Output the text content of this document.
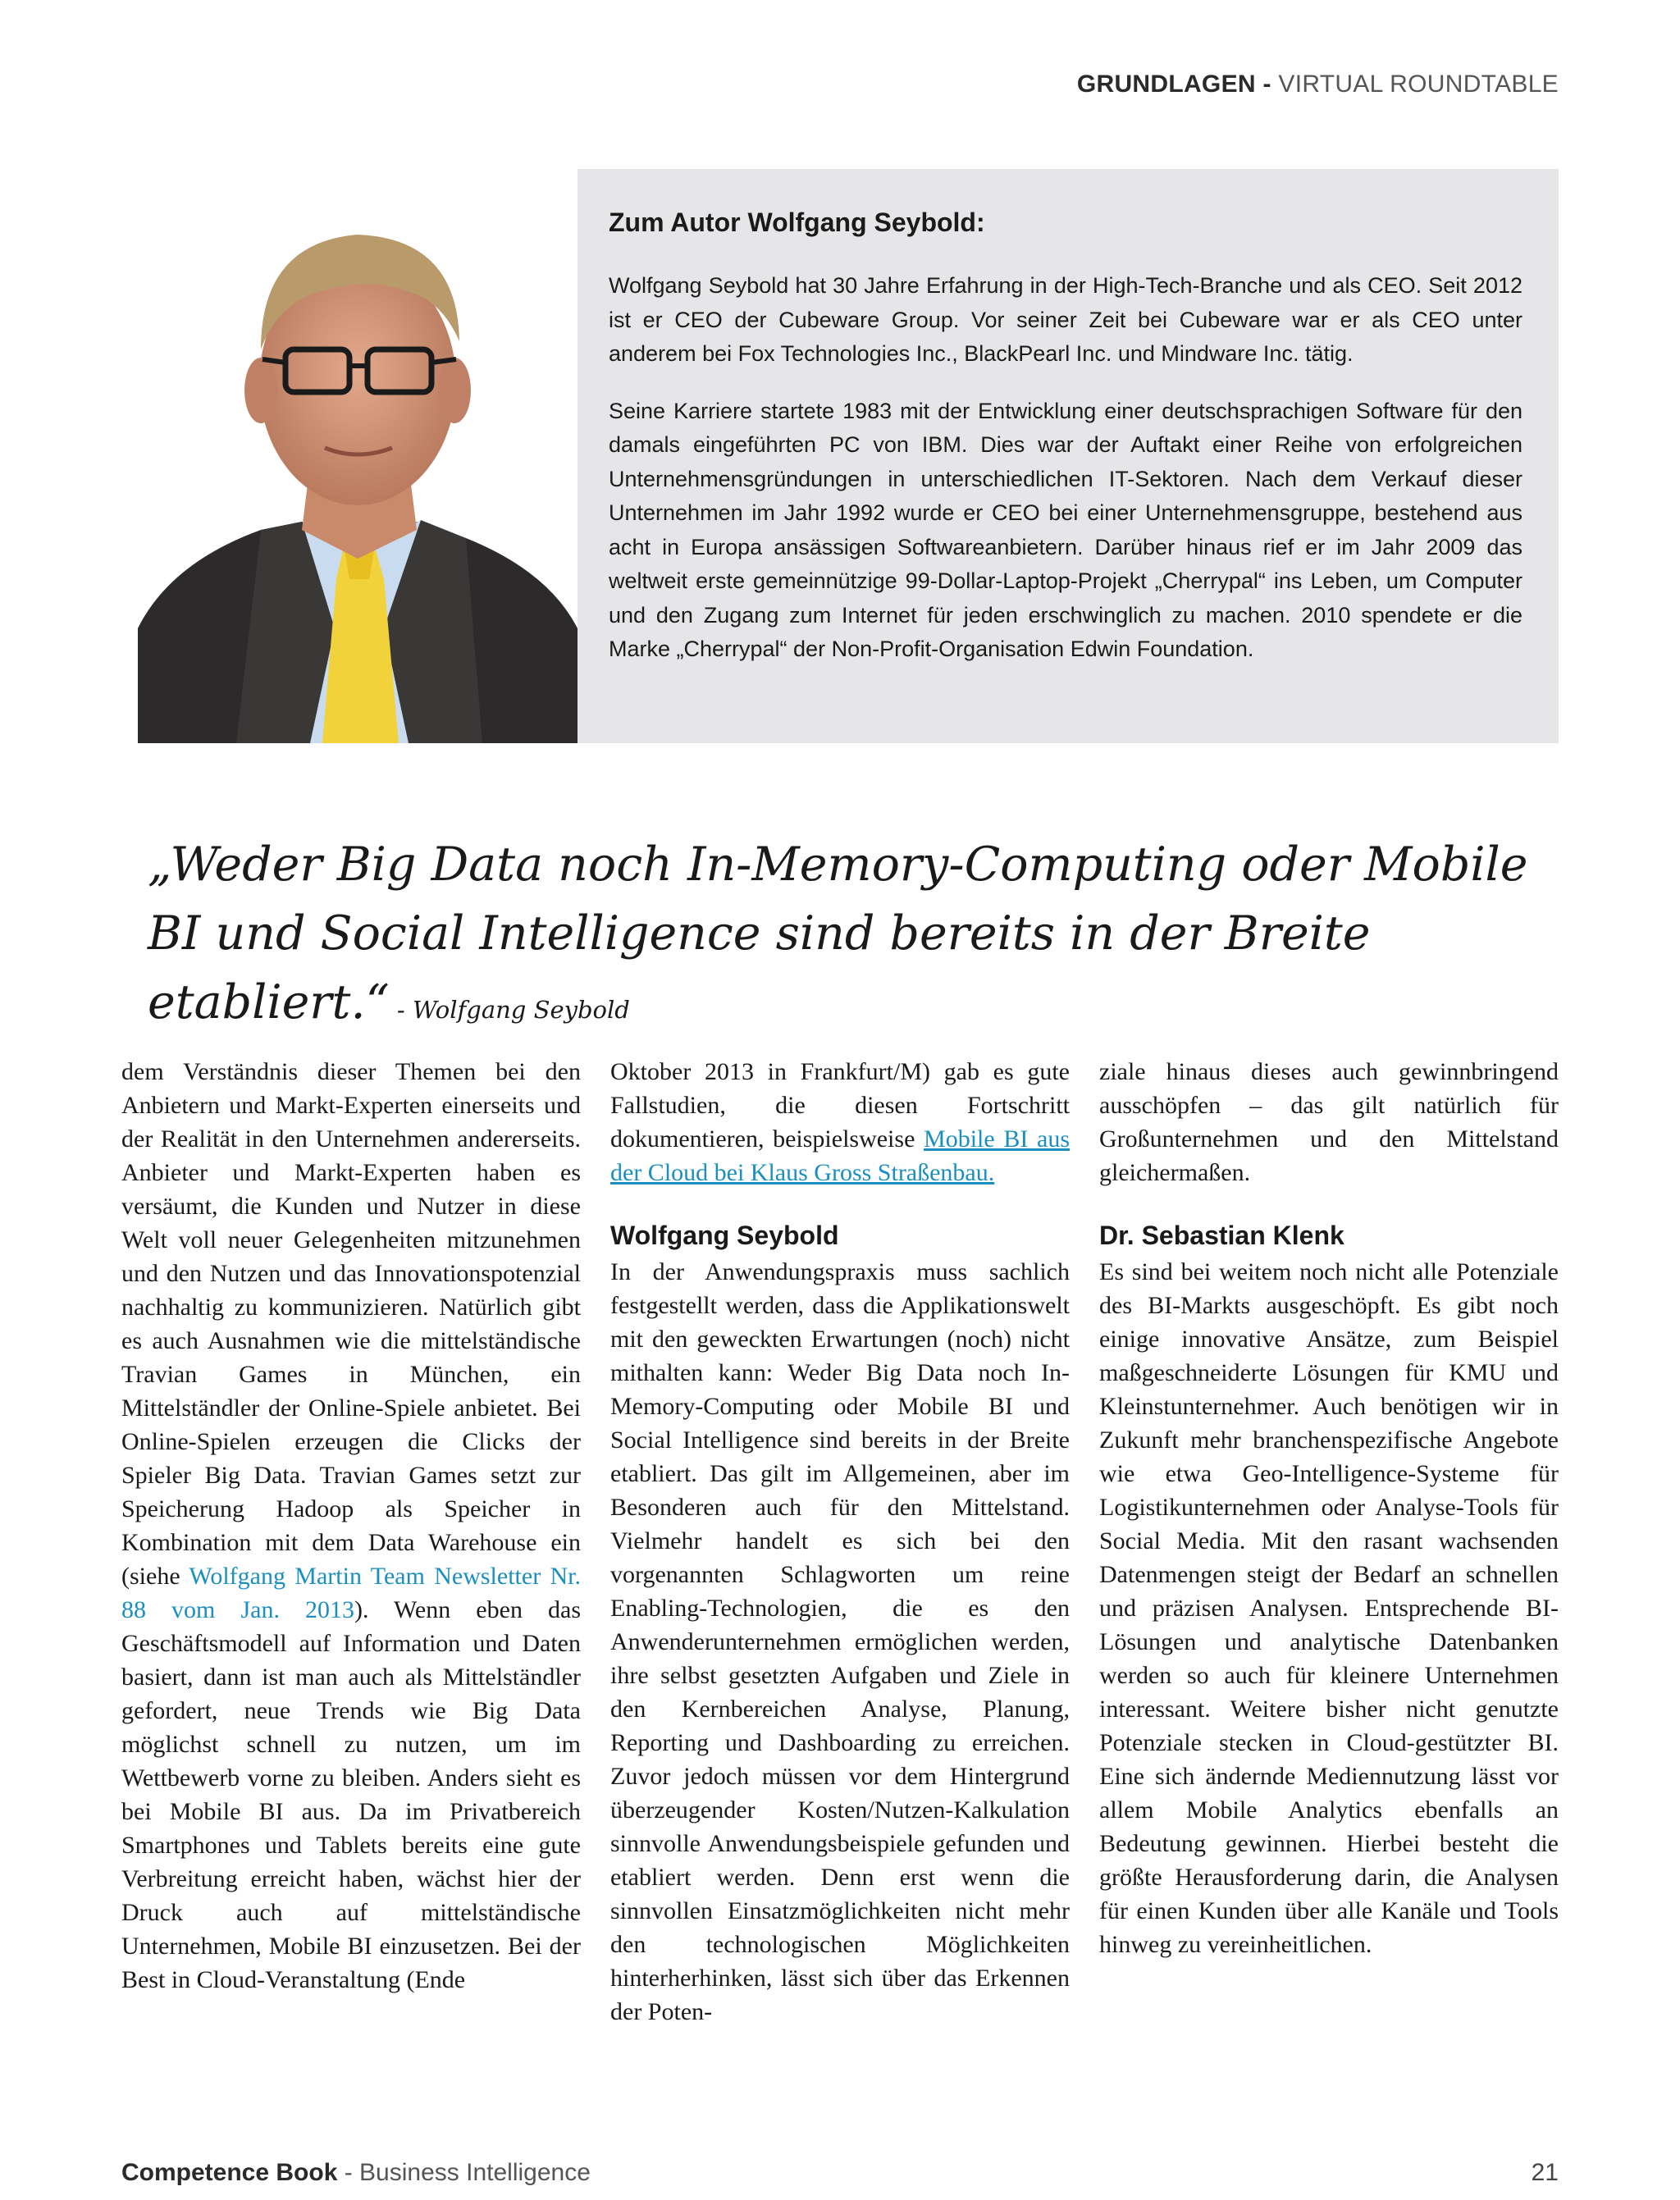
GRUNDLAGEN - VIRTUAL ROUNDTABLE
Zum Autor Wolfgang Seybold:

Wolfgang Seybold hat 30 Jahre Erfahrung in der High-Tech-Branche und als CEO. Seit 2012 ist er CEO der Cubeware Group. Vor seiner Zeit bei Cubeware war er als CEO unter anderem bei Fox Technologies Inc., BlackPearl Inc. und Mindware Inc. tätig.

Seine Karriere startete 1983 mit der Entwicklung einer deutschsprachigen Software für den damals eingeführten PC von IBM. Dies war der Auftakt einer Reihe von erfolgreichen Unternehmensgründungen in unterschiedlichen IT-Sektoren. Nach dem Verkauf dieser Unternehmen im Jahr 1992 wurde er CEO bei einer Unternehmensgruppe, bestehend aus acht in Europa ansässigen Softwareanbietern. Darüber hinaus rief er im Jahr 2009 das weltweit erste gemeinnützige 99-Dollar-Laptop-Projekt „Cherrypal“ ins Leben, um Computer und den Zugang zum Internet für jeden erschwinglich zu machen. 2010 spendete er die Marke „Cherrypal“ der Non-Profit-Organisation Edwin Foundation.

„Weder Big Data noch In-Memory-Computing oder Mobile BI und Social Intelligence sind bereits in der Breite etabliert.“ - Wolfgang Seybold

dem Verständnis dieser Themen bei den Anbietern und Markt-Experten einerseits und der Realität in den Unternehmen andererseits. Anbieter und Markt-Experten haben es versäumt, die Kunden und Nutzer in diese Welt voll neuer Gelegenheiten mitzunehmen und den Nutzen und das Innovationspotenzial nachhaltig zu kommunizieren. Natürlich gibt es auch Ausnahmen wie die mittelständische Travian Games in München, ein Mittelständler der Online-Spiele anbietet. Bei Online-Spielen erzeugen die Clicks der Spieler Big Data. Travian Games setzt zur Speicherung Hadoop als Speicher in Kombination mit dem Data Warehouse ein (siehe Wolfgang Martin Team Newsletter Nr. 88 vom Jan. 2013). Wenn eben das Geschäftsmodell auf Information und Daten basiert, dann ist man auch als Mittelständler gefordert, neue Trends wie Big Data möglichst schnell zu nutzen, um im Wettbewerb vorne zu bleiben. Anders sieht es bei Mobile BI aus. Da im Privatbereich Smartphones und Tablets bereits eine gute Verbreitung erreicht haben, wächst hier der Druck auch auf mittelständische Unternehmen, Mobile BI einzusetzen. Bei der Best in Cloud-Veranstaltung (Ende

Oktober 2013 in Frankfurt/M) gab es gute Fallstudien, die diesen Fortschritt dokumentieren, beispielsweise Mobile BI aus der Cloud bei Klaus Gross Straßenbau.

Wolfgang Seybold

In der Anwendungspraxis muss sachlich festgestellt werden, dass die Applikationswelt mit den geweckten Erwartungen (noch) nicht mithalten kann: Weder Big Data noch In-Memory-Computing oder Mobile BI und Social Intelligence sind bereits in der Breite etabliert. Das gilt im Allgemeinen, aber im Besonderen auch für den Mittelstand. Vielmehr handelt es sich bei den vorgenannten Schlagworten um reine Enabling-Technologien, die es den Anwenderunternehmen ermöglichen werden, ihre selbst gesetzten Aufgaben und Ziele in den Kernbereichen Analyse, Planung, Reporting und Dashboarding zu erreichen. Zuvor jedoch müssen vor dem Hintergrund überzeugender Kosten/Nutzen-Kalkulation sinnvolle Anwendungsbeispiele gefunden und etabliert werden. Denn erst wenn die sinnvollen Einsatzmöglichkeiten nicht mehr den technologischen Möglichkeiten hinterherhinken, lässt sich über das Erkennen der Poten-

ziale hinaus dieses auch gewinnbringend ausschöpfen – das gilt natürlich für Großunternehmen und den Mittelstand gleichermaßen.

Dr. Sebastian Klenk

Es sind bei weitem noch nicht alle Potenziale des BI-Markts ausgeschöpft. Es gibt noch einige innovative Ansätze, zum Beispiel maßgeschneiderte Lösungen für KMU und Kleinstunternehmer. Auch benötigen wir in Zukunft mehr branchenspezifische Angebote wie etwa Geo-Intelligence-Systeme für Logistikunternehmen oder Analyse-Tools für Social Media. Mit den rasant wachsenden Datenmengen steigt der Bedarf an schnellen und präzisen Analysen. Entsprechende BI-Lösungen und analytische Datenbanken werden so auch für kleinere Unternehmen interessant. Weitere bisher nicht genutzte Potenziale stecken in Cloud-gestützter BI. Eine sich ändernde Mediennutzung lässt vor allem Mobile Analytics ebenfalls an Bedeutung gewinnen. Hierbei besteht die größte Herausforderung darin, die Analysen für einen Kunden über alle Kanäle und Tools hinweg zu vereinheitlichen.

Competence Book - Business Intelligence	21
